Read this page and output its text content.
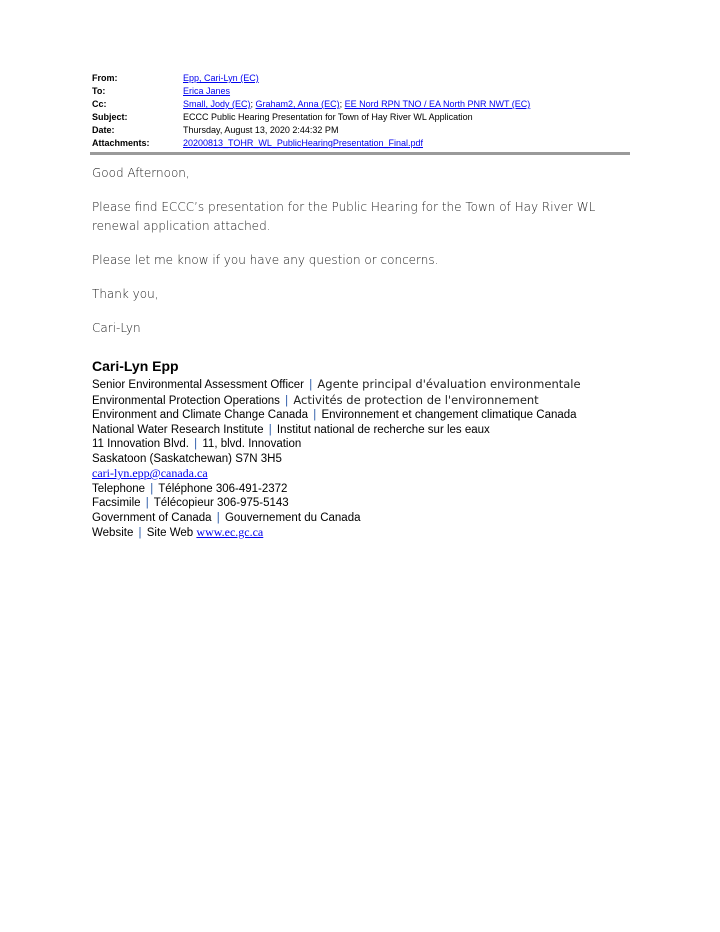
From:	Epp, Cari-Lyn (EC)
To:	Erica Janes
Cc:	Small, Jody (EC); Graham2, Anna (EC); EE Nord RPN TNO / EA North PNR NWT (EC)
Subject:	ECCC Public Hearing Presentation for Town of Hay River WL Application
Date:	Thursday, August 13, 2020 2:44:32 PM
Attachments:	20200813_TOHR_WL_PublicHearingPresentation_Final.pdf

Good Afternoon,

Please find ECCC’s presentation for the Public Hearing for the Town of Hay River WL renewal application attached.

Please let me know if you have any question or concerns.

Thank you,

Cari-Lyn

Cari-Lyn Epp
Senior Environmental Assessment Officer | Agente principal d'évaluation environmentale
Environmental Protection Operations | Activités de protection de l'environnement
Environment and Climate Change Canada | Environnement et changement climatique Canada
National Water Research Institute | Institut national de recherche sur les eaux
11 Innovation Blvd. | 11, blvd. Innovation
Saskatoon (Saskatchewan) S7N 3H5
cari-lyn.epp@canada.ca
Telephone | Téléphone 306-491-2372
Facsimile | Télécopieur 306-975-5143
Government of Canada | Gouvernement du Canada
Website | Site Web www.ec.gc.ca
